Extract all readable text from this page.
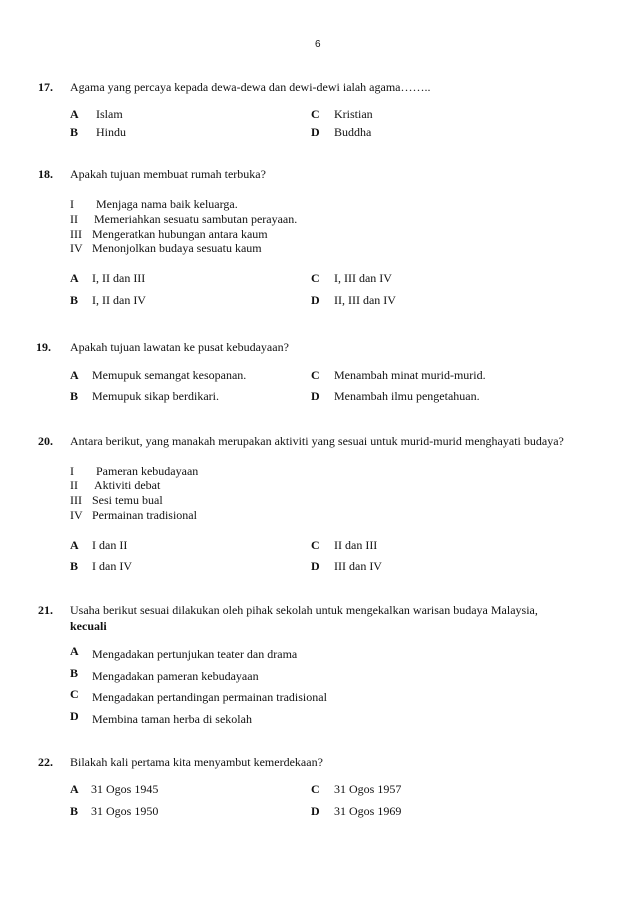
6
17. Agama yang percaya kepada dewa-dewa dan dewi-dewi ialah agama……..
A Islam
B Hindu
C Kristian
D Buddha
18. Apakah tujuan membuat rumah terbuka?
I Menjaga nama baik keluarga.
II Memeriahkan sesuatu sambutan perayaan.
III Mengeratkan hubungan antara kaum
IV Menonjolkan budaya sesuatu kaum
A I, II dan III
B I, II dan IV
C I, III dan IV
D II, III dan IV
19. Apakah tujuan lawatan ke pusat kebudayaan?
A Memupuk semangat kesopanan.
B Memupuk sikap berdikari.
C Menambah minat murid-murid.
D Menambah ilmu pengetahuan.
20. Antara berikut, yang manakah merupakan aktiviti yang sesuai untuk murid-murid menghayati budaya?
I Pameran kebudayaan
II Aktiviti debat
III Sesi temu bual
IV Permainan tradisional
A I dan II
B I dan IV
C II dan III
D III dan IV
21. Usaha berikut sesuai dilakukan oleh pihak sekolah untuk mengekalkan warisan budaya Malaysia,
kecuali
A Mengadakan pertunjukan teater dan drama
B Mengadakan pameran kebudayaan
C Mengadakan pertandingan permainan tradisional
D Membina taman herba di sekolah
22. Bilakah kali pertama kita menyambut kemerdekaan?
A 31 Ogos 1945
B 31 Ogos 1950
C 31 Ogos 1957
D 31 Ogos 1969
